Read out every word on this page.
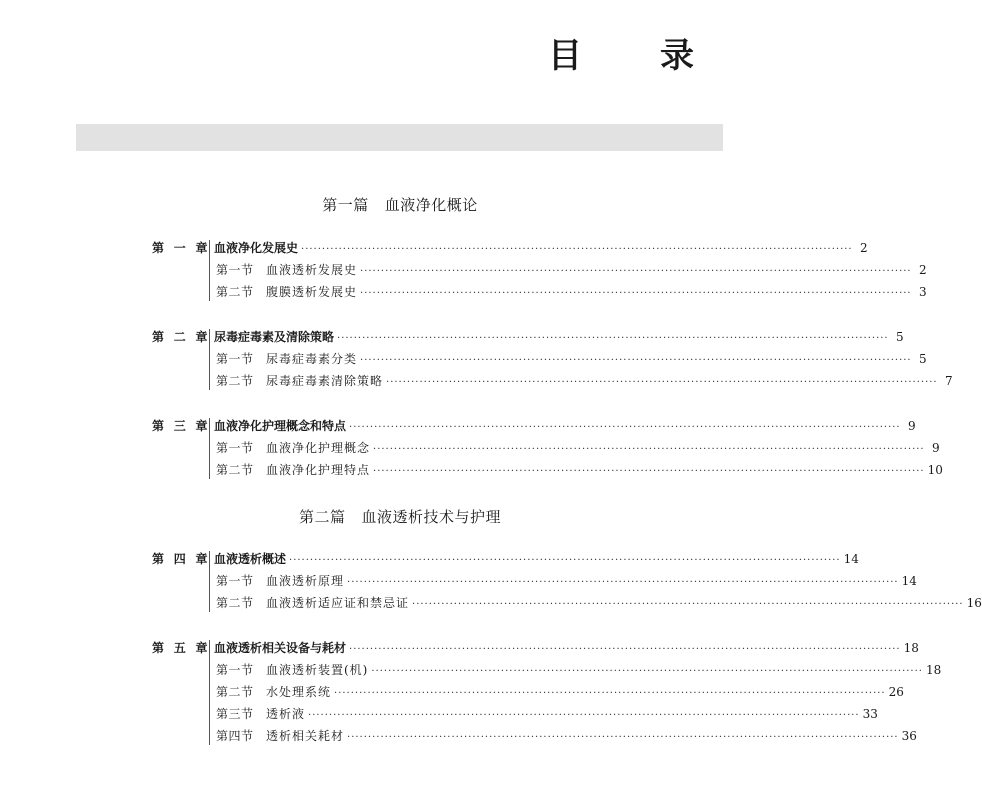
目　录
第一篇 血液净化概论
第 一 章 血液净化发展史 ···································································································································· 2
第一节	血液透析发展史 ···································································································································· 2
第二节	腹膜透析发展史 ···································································································································· 3
第 二 章 尿毒症毒素及清除策略 ···································································································································· 5
第一节	尿毒症毒素分类 ···································································································································· 5
第二节	尿毒症毒素清除策略 ···································································································································· 7
第 三 章 血液净化护理概念和特点 ···································································································································· 9
第一节	血液净化护理概念 ···································································································································· 9
第二节	血液净化护理特点 ···································································································································· 10
第二篇 血液透析技术与护理
第 四 章 血液透析概述 ···································································································································· 14
第一节	血液透析原理 ···································································································································· 14
第二节	血液透析适应证和禁忌证 ···································································································································· 16
第 五 章 血液透析相关设备与耗材 ···································································································································· 18
第一节	血液透析装置(机) ···································································································································· 18
第二节	水处理系统 ···································································································································· 26
第三节	透析液 ···································································································································· 33
第四节	透析相关耗材 ···································································································································· 36
